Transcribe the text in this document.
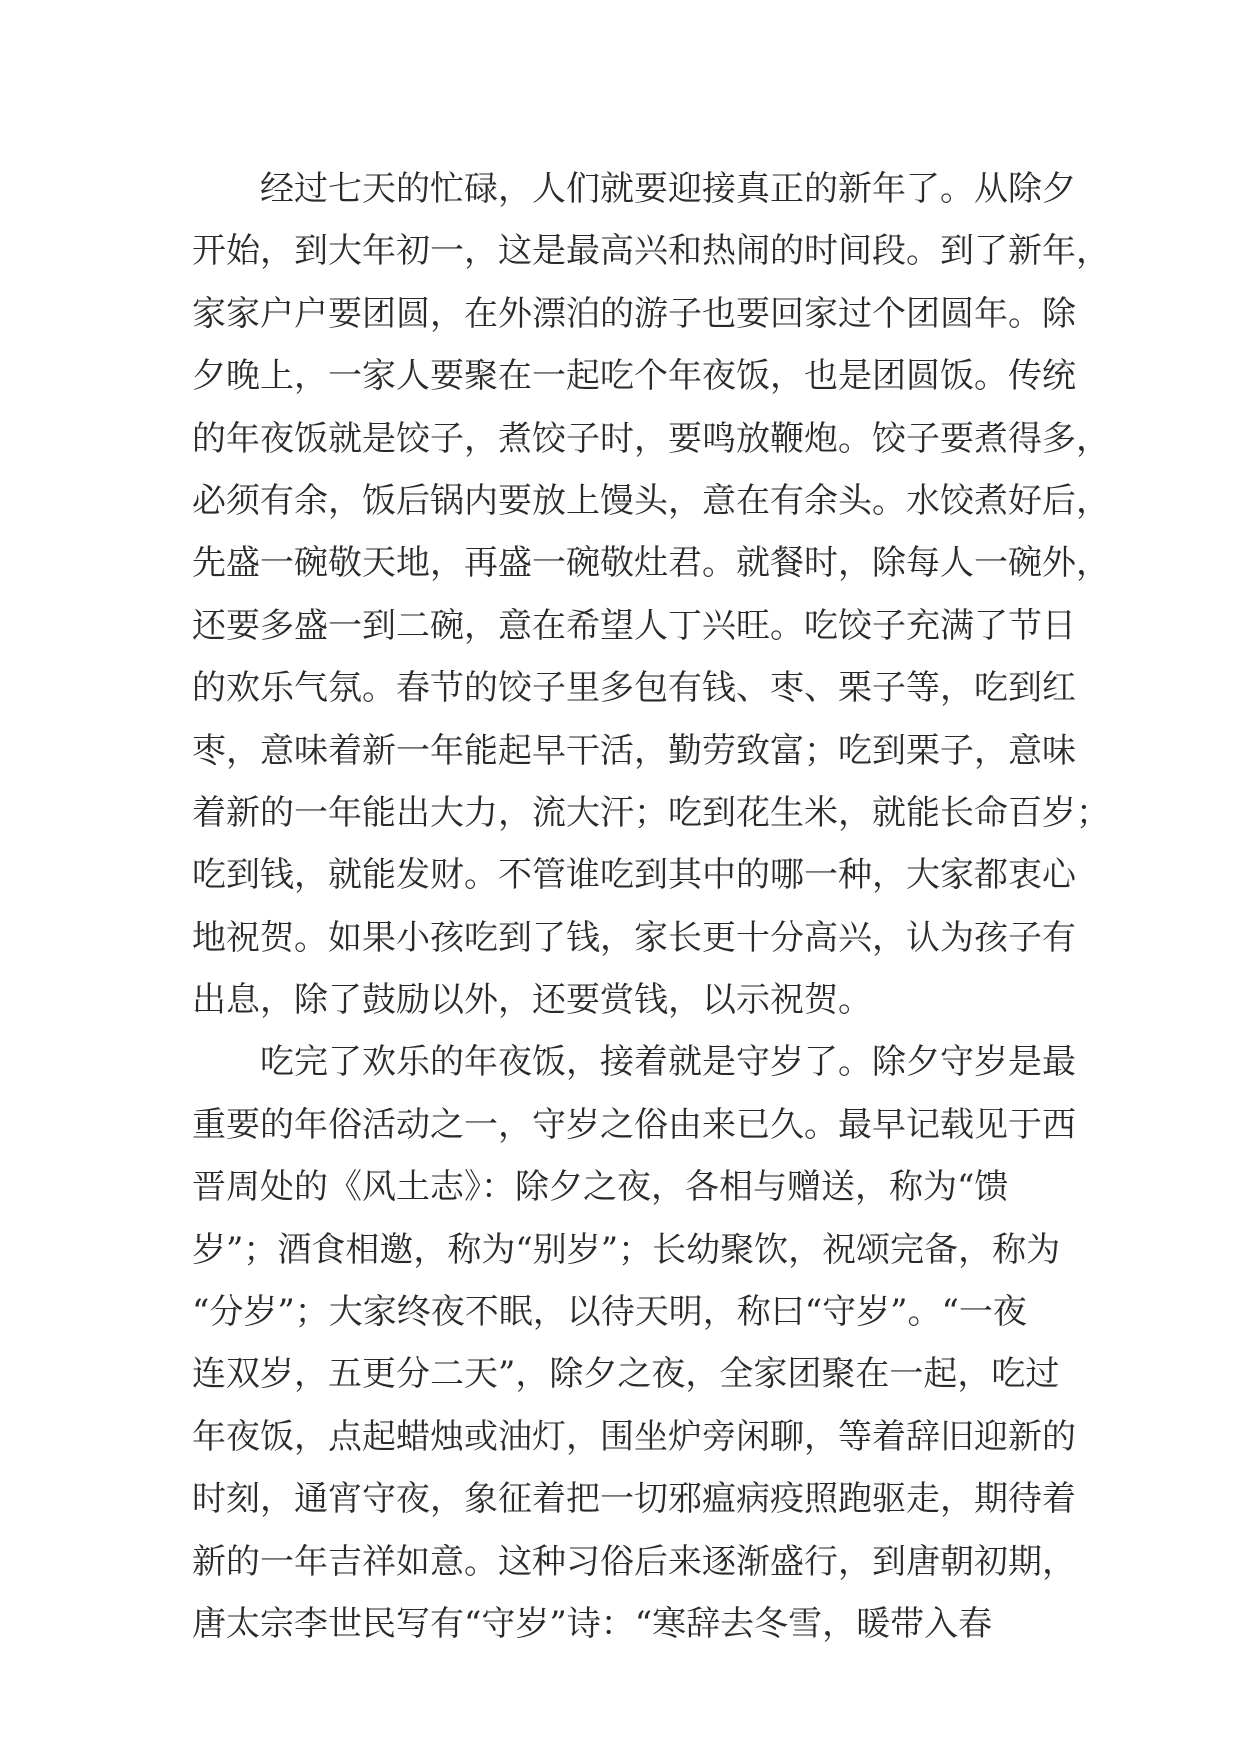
经过七天的忙碌，人们就要迎接真正的新年了。从除夕
开始，到大年初一，这是最高兴和热闹的时间段。到了新年，
家家户户要团圆，在外漂泊的游子也要回家过个团圆年。除
夕晚上，一家人要聚在一起吃个年夜饭，也是团圆饭。传统
的年夜饭就是饺子，煮饺子时，要鸣放鞭炮。饺子要煮得多，
必须有余，饭后锅内要放上馒头，意在有余头。水饺煮好后，
先盛一碗敬天地，再盛一碗敬灶君。就餐时，除每人一碗外，
还要多盛一到二碗，意在希望人丁兴旺。吃饺子充满了节日
的欢乐气氛。春节的饺子里多包有钱、枣、栗子等，吃到红
枣，意味着新一年能起早干活，勤劳致富；吃到栗子，意味
着新的一年能出大力，流大汗；吃到花生米，就能长命百岁；
吃到钱，就能发财。不管谁吃到其中的哪一种，大家都衷心
地祝贺。如果小孩吃到了钱，家长更十分高兴，认为孩子有
出息，除了鼓励以外，还要赏钱，以示祝贺。
吃完了欢乐的年夜饭，接着就是守岁了。除夕守岁是最
重要的年俗活动之一，守岁之俗由来已久。最早记载见于西
晋周处的《风土志》：除夕之夜，各相与赠送，称为“馈
岁”；酒食相邀，称为“别岁”；长幼聚饮，祝颂完备，称为
“分岁”；大家终夜不眠，以待天明，称曰“守岁”。“一夜
连双岁，五更分二天”，除夕之夜，全家团聚在一起，吃过
年夜饭，点起蜡烛或油灯，围坐炉旁闲聊，等着辞旧迎新的
时刻，通宵守夜，象征着把一切邪瘟病疫照跑驱走，期待着
新的一年吉祥如意。这种习俗后来逐渐盛行，到唐朝初期，
唐太宗李世民写有“守岁”诗：“寒辞去冬雪，暖带入春
